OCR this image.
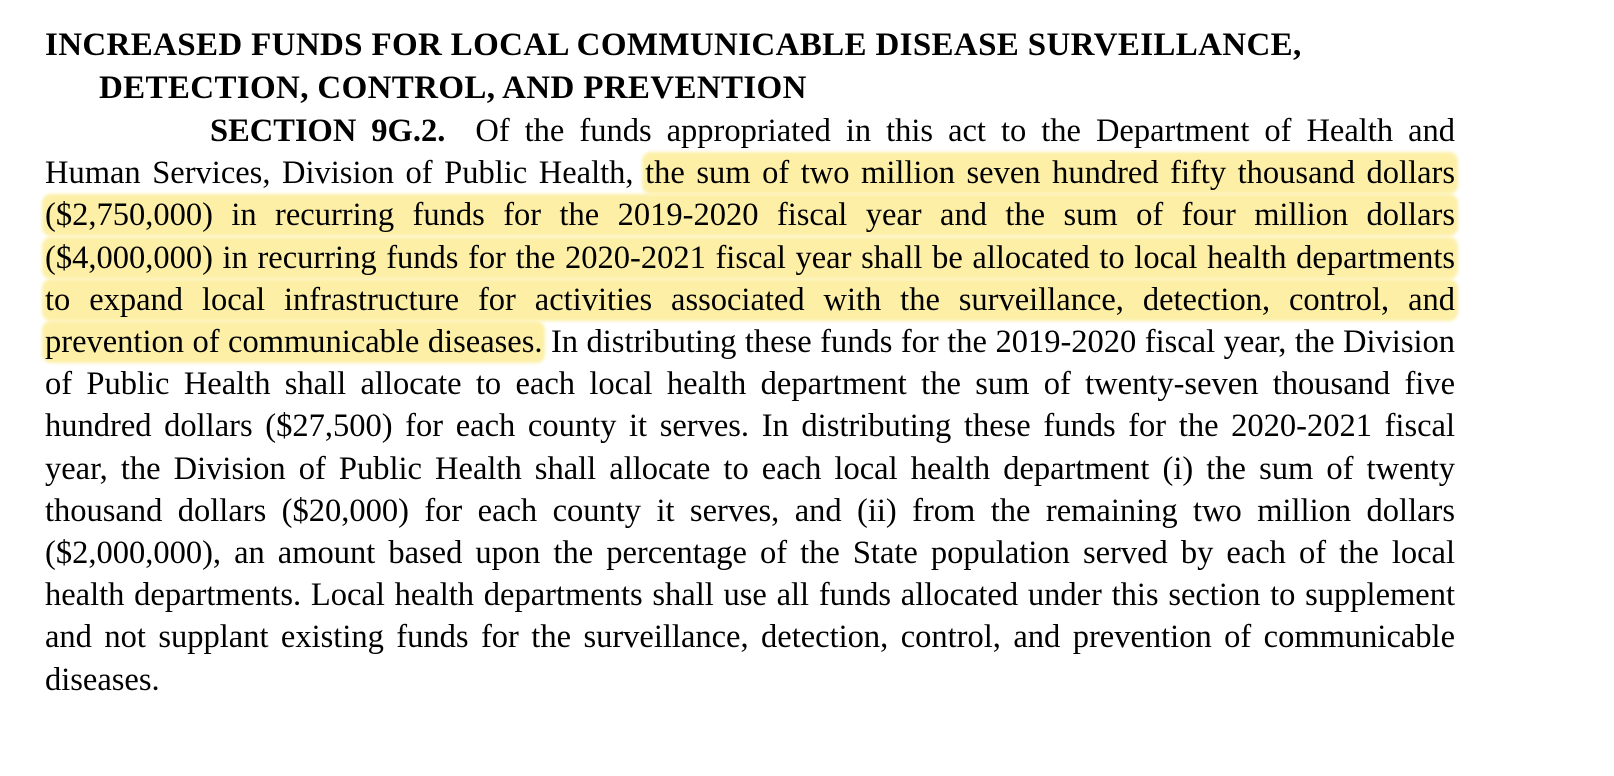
INCREASED FUNDS FOR LOCAL COMMUNICABLE DISEASE SURVEILLANCE,
DETECTION, CONTROL, AND PREVENTION

SECTION 9G.2. Of the funds appropriated in this act to the Department of Health and Human Services, Division of Public Health, the sum of two million seven hundred fifty thousand dollars ($2,750,000) in recurring funds for the 2019-2020 fiscal year and the sum of four million dollars ($4,000,000) in recurring funds for the 2020-2021 fiscal year shall be allocated to local health departments to expand local infrastructure for activities associated with the surveillance, detection, control, and prevention of communicable diseases. In distributing these funds for the 2019-2020 fiscal year, the Division of Public Health shall allocate to each local health department the sum of twenty-seven thousand five hundred dollars ($27,500) for each county it serves. In distributing these funds for the 2020-2021 fiscal year, the Division of Public Health shall allocate to each local health department (i) the sum of twenty thousand dollars ($20,000) for each county it serves, and (ii) from the remaining two million dollars ($2,000,000), an amount based upon the percentage of the State population served by each of the local health departments. Local health departments shall use all funds allocated under this section to supplement and not supplant existing funds for the surveillance, detection, control, and prevention of communicable diseases.
